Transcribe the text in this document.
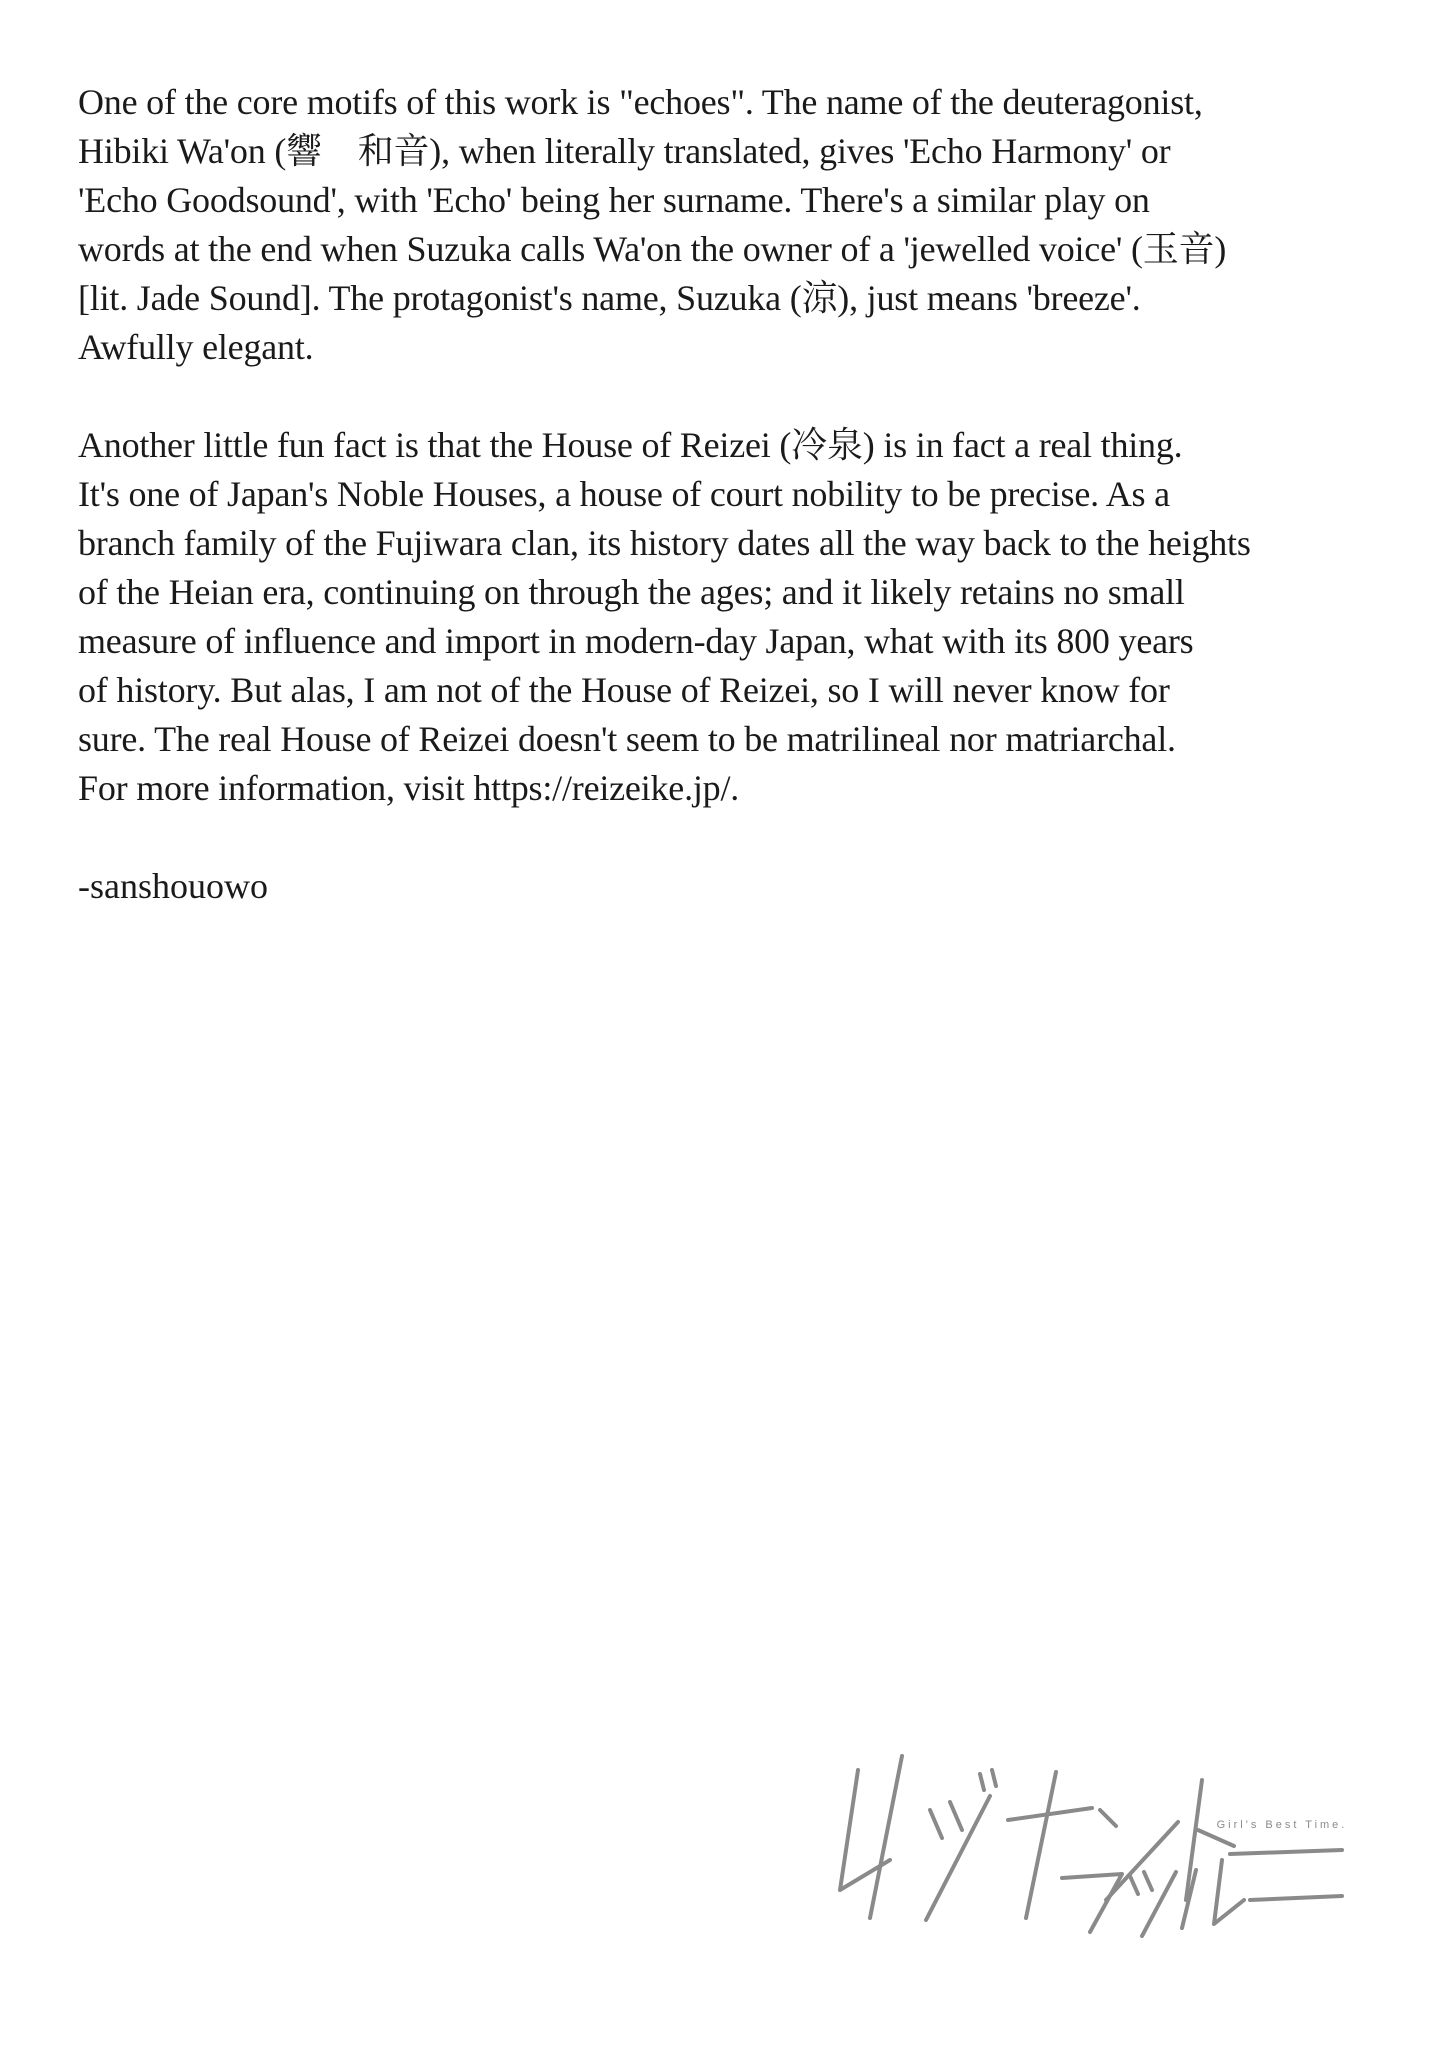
One of the core motifs of this work is "echoes". The name of the deuteragonist,
Hibiki Wa'on (響　和音), when literally translated, gives 'Echo Harmony' or
'Echo Goodsound', with 'Echo' being her surname. There's a similar play on
words at the end when Suzuka calls Wa'on the owner of a 'jewelled voice' (玉音)
[lit. Jade Sound]. The protagonist's name, Suzuka (涼), just means 'breeze'.
Awfully elegant.

Another little fun fact is that the House of Reizei (冷泉) is in fact a real thing.
It's one of Japan's Noble Houses, a house of court nobility to be precise. As a
branch family of the Fujiwara clan, its history dates all the way back to the heights
of the Heian era, continuing on through the ages; and it likely retains no small
measure of influence and import in modern-day Japan, what with its 800 years
of history. But alas, I am not of the House of Reizei, so I will never know for
sure. The real House of Reizei doesn't seem to be matrilineal nor matriarchal.
For more information, visit https://reizeike.jp/.

-sanshouowo
Girl's Best Time.
